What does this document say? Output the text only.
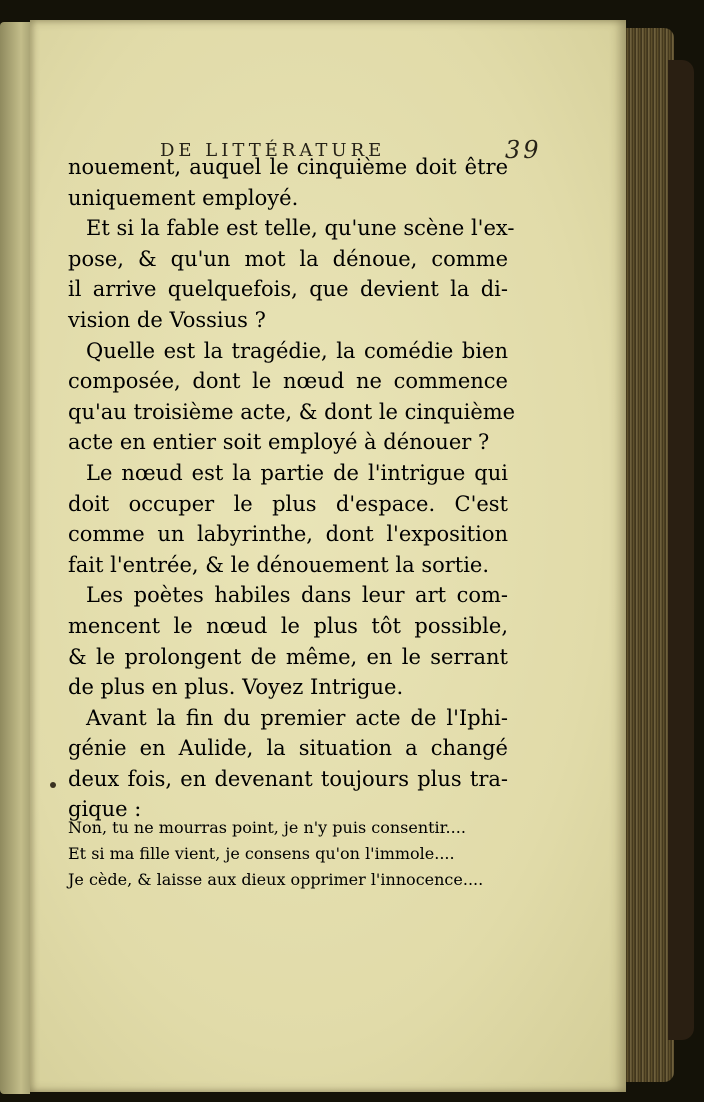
DE LITTÉRATURE	39

nouement, auquel le cinquième doit être
uniquement employé.

Et si la fable est telle, qu'une scène l'ex-
pose, & qu'un mot la dénoue, comme
il arrive quelquefois, que devient la di-
vision de Vossius ?

Quelle est la tragédie, la comédie bien
composée, dont le nœud ne commence
qu'au troisième acte, & dont le cinquième
acte en entier soit employé à dénouer ?

Le nœud est la partie de l'intrigue qui
doit occuper le plus d'espace. C'est
comme un labyrinthe, dont l'exposition
fait l'entrée, & le dénouement la sortie.

Les poètes habiles dans leur art com-
mencent le nœud le plus tôt possible,
& le prolongent de même, en le serrant
de plus en plus. Voyez Intrigue.

Avant la fin du premier acte de l'Iphi-
génie en Aulide, la situation a changé
deux fois, en devenant toujours plus tra-
gique :

Non, tu ne mourras point, je n'y puis consentir....
Et si ma fille vient, je consens qu'on l'immole....
Je cède, & laisse aux dieux opprimer l'innocence....
